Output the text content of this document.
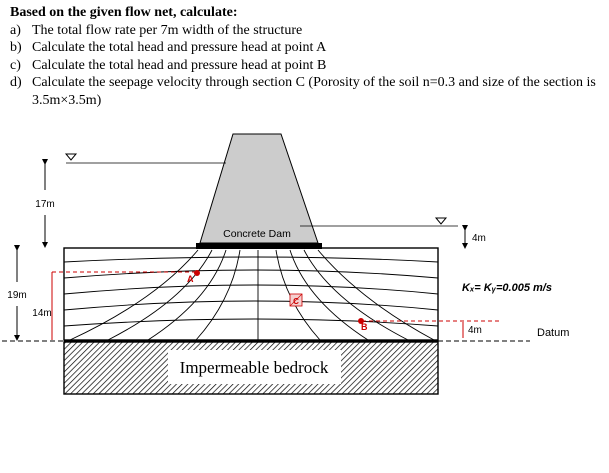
Based on the given flow net, calculate:
a) The total flow rate per 7m width of the structure
b) Calculate the total head and pressure head at point A
c) Calculate the total head and pressure head at point B
d) Calculate the seepage velocity through section C (Porosity of the soil n=0.3 and size of the section is 3.5m×3.5m)
Impermeable bedrock
Concrete Dam
Datum
17m
19m
14m
4m
4m
Kₓ= Kᵧ=0.005 m/s
A
B
C
